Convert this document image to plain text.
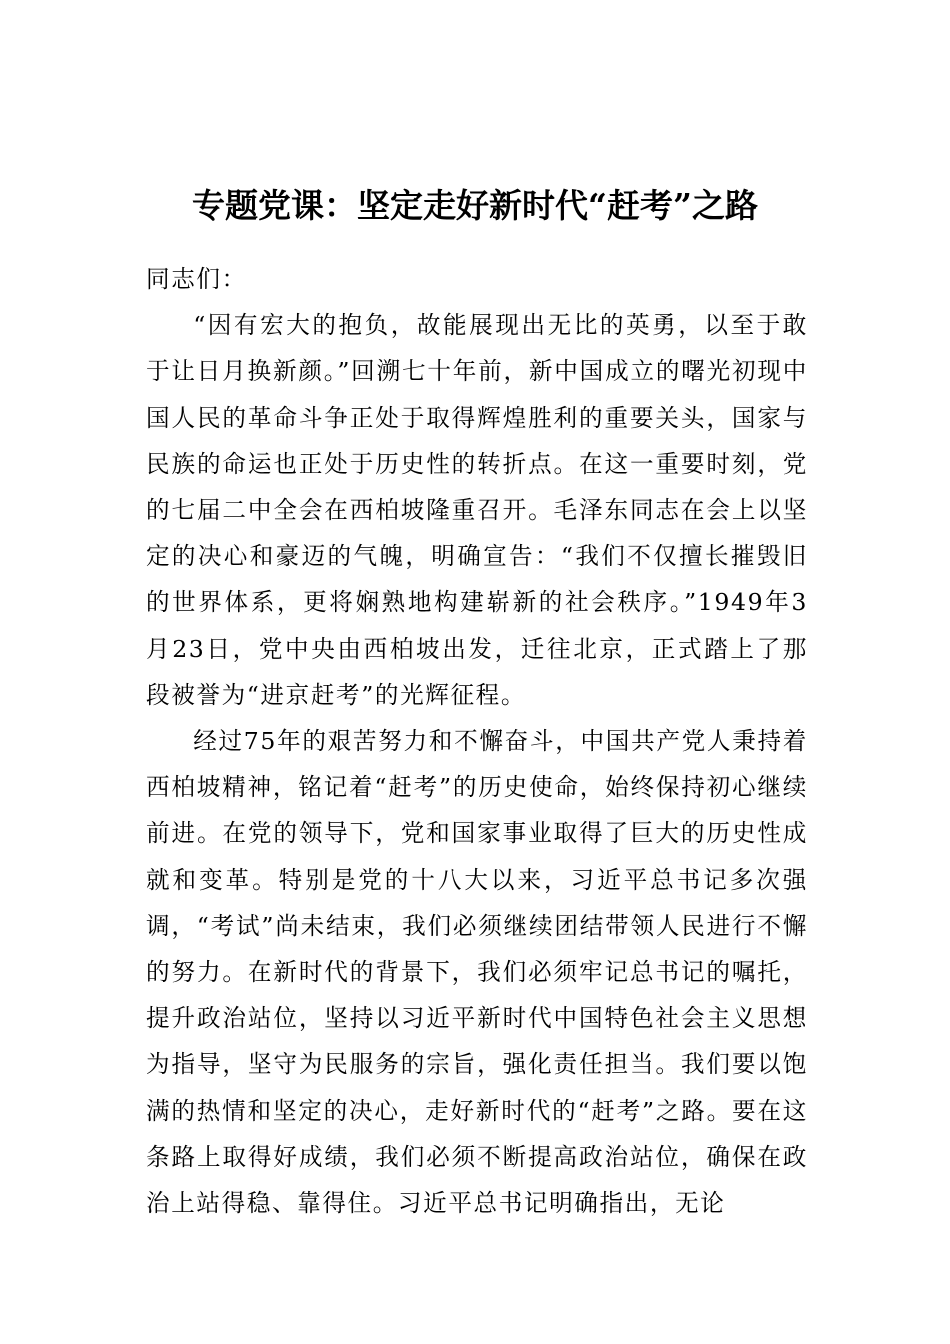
专题党课：坚定走好新时代“赶考”之路

同志们：

“因有宏大的抱负，故能展现出无比的英勇，以至于敢于让日月换新颜。”回溯七十年前，新中国成立的曙光初现中国人民的革命斗争正处于取得辉煌胜利的重要关头，国家与民族的命运也正处于历史性的转折点。在这一重要时刻，党的七届二中全会在西柏坡隆重召开。毛泽东同志在会上以坚定的决心和豪迈的气魄，明确宣告：“我们不仅擅长摧毁旧的世界体系，更将娴熟地构建崭新的社会秩序。”1949年3月23日，党中央由西柏坡出发，迁往北京，正式踏上了那段被誉为“进京赶考”的光辉征程。

经过75年的艰苦努力和不懈奋斗，中国共产党人秉持着西柏坡精神，铭记着“赶考”的历史使命，始终保持初心继续前进。在党的领导下，党和国家事业取得了巨大的历史性成就和变革。特别是党的十八大以来，习近平总书记多次强调，“考试”尚未结束，我们必须继续团结带领人民进行不懈的努力。在新时代的背景下，我们必须牢记总书记的嘱托，提升政治站位，坚持以习近平新时代中国特色社会主义思想为指导，坚守为民服务的宗旨，强化责任担当。我们要以饱满的热情和坚定的决心，走好新时代的“赶考”之路。要在这条路上取得好成绩，我们必须不断提高政治站位，确保在政治上站得稳、靠得住。习近平总书记明确指出，无论
